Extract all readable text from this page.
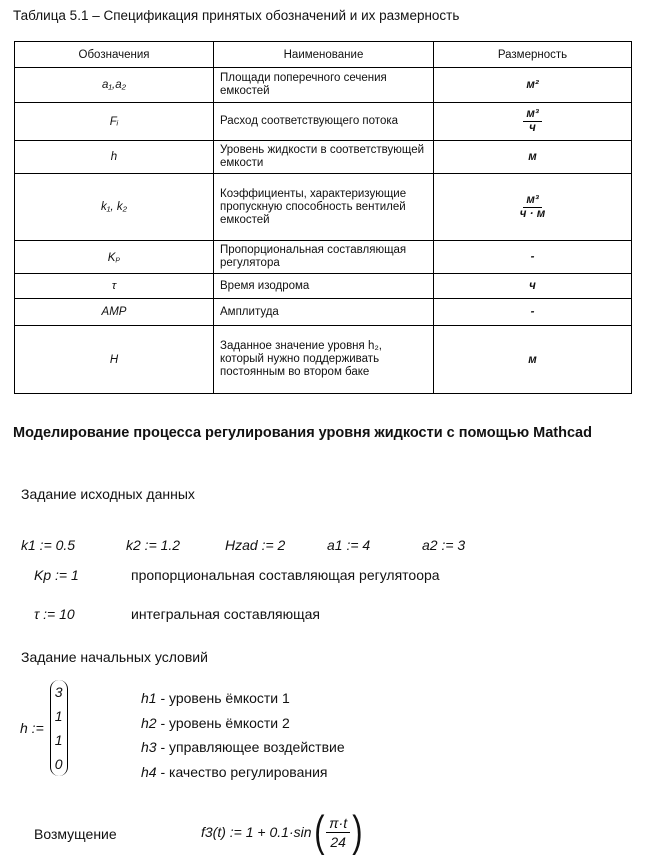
Таблица 5.1 – Спецификация принятых обозначений и их размерность
Обозначения	Наименование	Размерность
a₁,a₂	Площади поперечного сечения емкостей	м²
Fᵢ	Расход соответствующего потока	$\frac{\text{м³}}{ч}$

h	Уровень жидкости в соответствующей емкости	м
k₁, k₂	Коэффициенты, характеризующие пропускную способность вентилей емкостей	$\frac{\text{м³}}{ч \cdot м}$

Kₚ	Пропорциональная составляющая регулятора	-
τ	Время изодрома	ч
AMP	Амплитуда	-
H	Заданное значение уровня h₂, который нужно поддерживать постоянным во втором баке	м
Моделирование процесса регулирования уровня жидкости с помощью Mathcad
Задание исходных данных
k1 := 0.5	k2 := 1.2	Hzad := 2	a1 := 4	a2 := 3
Kp := 1	пропорциональная составляющая регулятоора
τ := 10	интегральная составляющая
Задание начальных условий
h :=
3
1
1
0
h1 - уровень ёмкости 1
h2 - уровень ёмкости 2
h3 - управляющее воздействие
h4 - качество регулирования
Возмущение	f3(t) := 1 + 0.1·sin ( $\frac{\pi\cdot t}{24}$ )
